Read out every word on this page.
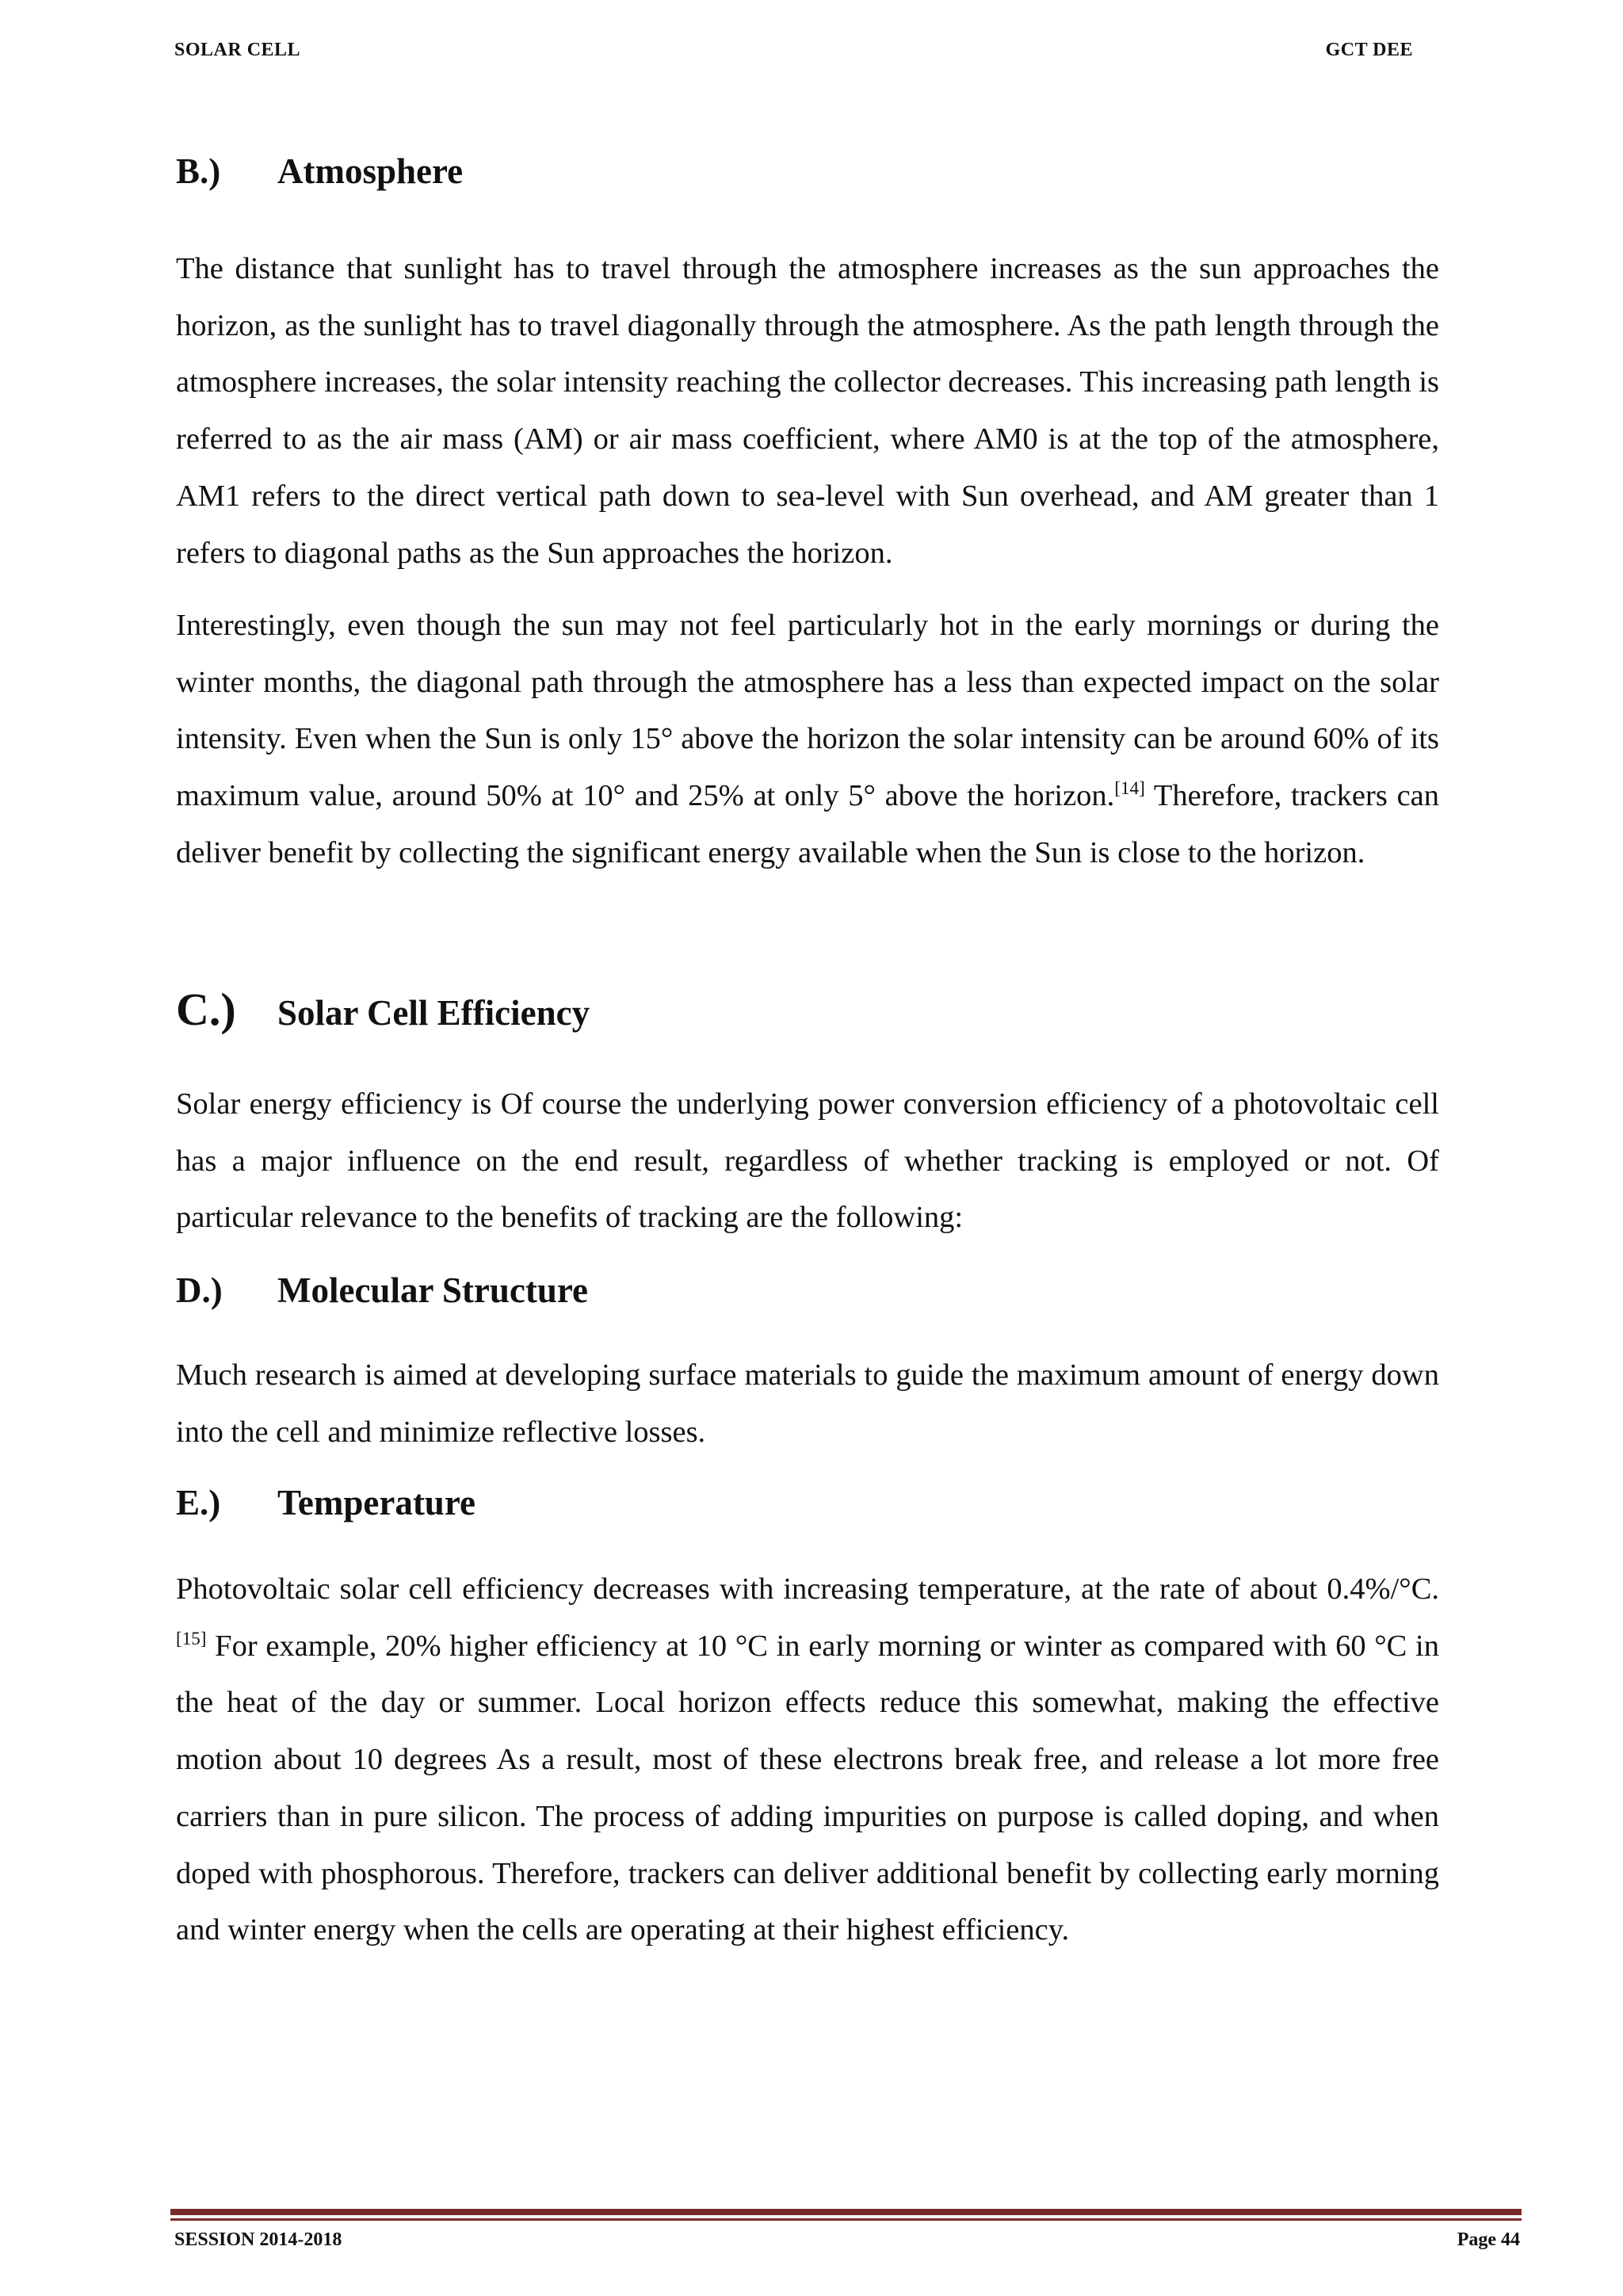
SOLAR CELL	GCT DEE
B.) Atmosphere

The distance that sunlight has to travel through the atmosphere increases as the sun approaches the horizon, as the sunlight has to travel diagonally through the atmosphere. As the path length through the atmosphere increases, the solar intensity reaching the collector decreases. This increasing path length is referred to as the air mass (AM) or air mass coefficient, where AM0 is at the top of the atmosphere, AM1 refers to the direct vertical path down to sea-level with Sun overhead, and AM greater than 1 refers to diagonal paths as the Sun approaches the horizon.

Interestingly, even though the sun may not feel particularly hot in the early mornings or during the winter months, the diagonal path through the atmosphere has a less than expected impact on the solar intensity. Even when the Sun is only 15° above the horizon the solar intensity can be around 60% of its maximum value, around 50% at 10° and 25% at only 5° above the horizon.[14] Therefore, trackers can deliver benefit by collecting the significant energy available when the Sun is close to the horizon.

C.) Solar Cell Efficiency

Solar energy efficiency is Of course the underlying power conversion efficiency of a photovoltaic cell has a major influence on the end result, regardless of whether tracking is employed or not. Of particular relevance to the benefits of tracking are the following:

D.) Molecular Structure

Much research is aimed at developing surface materials to guide the maximum amount of energy down into the cell and minimize reflective losses.

E.) Temperature

Photovoltaic solar cell efficiency decreases with increasing temperature, at the rate of about 0.4%/°C.[15] For example, 20% higher efficiency at 10 °C in early morning or winter as compared with 60 °C in the heat of the day or summer. Local horizon effects reduce this somewhat, making the effective motion about 10 degrees As a result, most of these electrons break free, and release a lot more free carriers than in pure silicon. The process of adding impurities on purpose is called doping, and when doped with phosphorous. Therefore, trackers can deliver additional benefit by collecting early morning and winter energy when the cells are operating at their highest efficiency.

SESSION 2014-2018	Page 44
